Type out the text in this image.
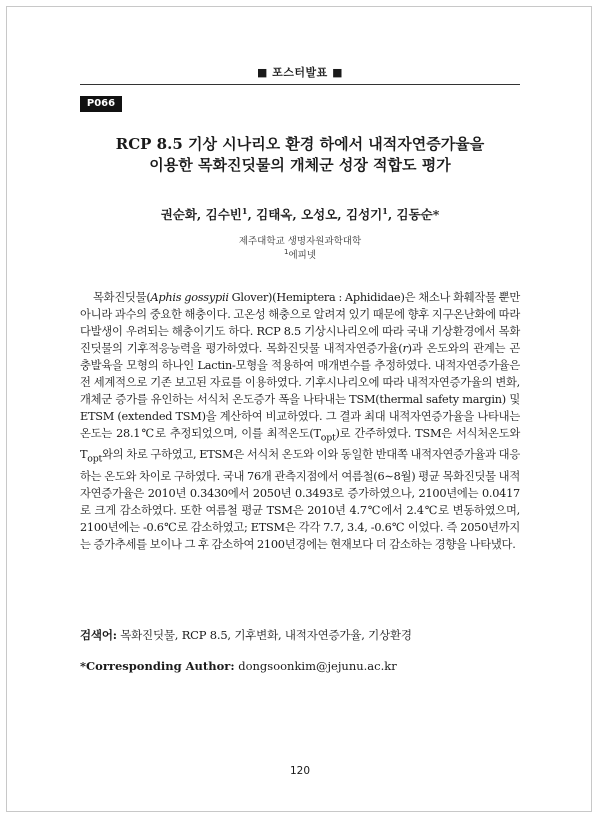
■ 포스터발표 ■
P066
RCP 8.5 기상 시나리오 환경 하에서 내적자연증가율을
이용한 목화진딧물의 개체군 성장 적합도 평가
권순화, 김수빈$^1$, 김태옥, 오성오, 김성기$^1$, 김동순*
제주대학교 생명자원과학대학
$^1$에피넷

목화진딧물(Aphis gossypii Glover)(Hemiptera : Aphididae)은 채소나 화훼작물 뿐만 아니라 과수의 중요한 해충이다. 고온성 해충으로 알려져 있기 때문에 향후 지구온난화에 따라 다발생이 우려되는 해충이기도 하다. RCP 8.5 기상시나리오에 따라 국내 기상환경에서 목화진딧물의 기후적응능력을 평가하였다. 목화진딧물 내적자연증가율(r)과 온도와의 관계는 곤충발육을 모형의 하나인 Lactin-모형을 적용하여 매개변수를 추정하였다. 내적자연증가율은 전 세계적으로 기존 보고된 자료를 이용하였다. 기후시나리오에 따라 내적자연증가율의 변화, 개체군 증가를 유인하는 서식처 온도증가 폭을 나타내는 TSM(thermal safety margin) 및 ETSM (extended TSM)을 계산하여 비교하였다. 그 결과 최대 내적자연증가율을 나타내는 온도는 28.1℃로 추정되었으며, 이를 최적온도$(T_{opt})$로 간주하였다. TSM은 서식처온도와 $T_{opt}$와의 차로 구하였고, ETSM은 서식처 온도와 이와 동일한 반대쪽 내적자연증가율과 대응하는 온도와 차이로 구하였다. 국내 76개 관측지점에서 여름철(6∼8월) 평균 목화진딧물 내적자연증가율은 2010년 0.3430에서 2050년 0.3493로 증가하였으나, 2100년에는 0.0417로 크게 감소하였다. 또한 여름철 평균 TSM은 2010년 4.7℃에서 2.4℃로 변동하였으며, 2100년에는 -0.6℃로 감소하였고; ETSM은 각각 7.7, 3.4, -0.6℃ 이었다. 즉 2050년까지는 증가추세를 보이나 그 후 감소하여 2100년경에는 현재보다 더 감소하는 경향을 나타냈다.

검색어: 목화진딧물, RCP 8.5, 기후변화, 내적자연증가율, 기상환경
*Corresponding Author: dongsoonkim@jejunu.ac.kr
120
